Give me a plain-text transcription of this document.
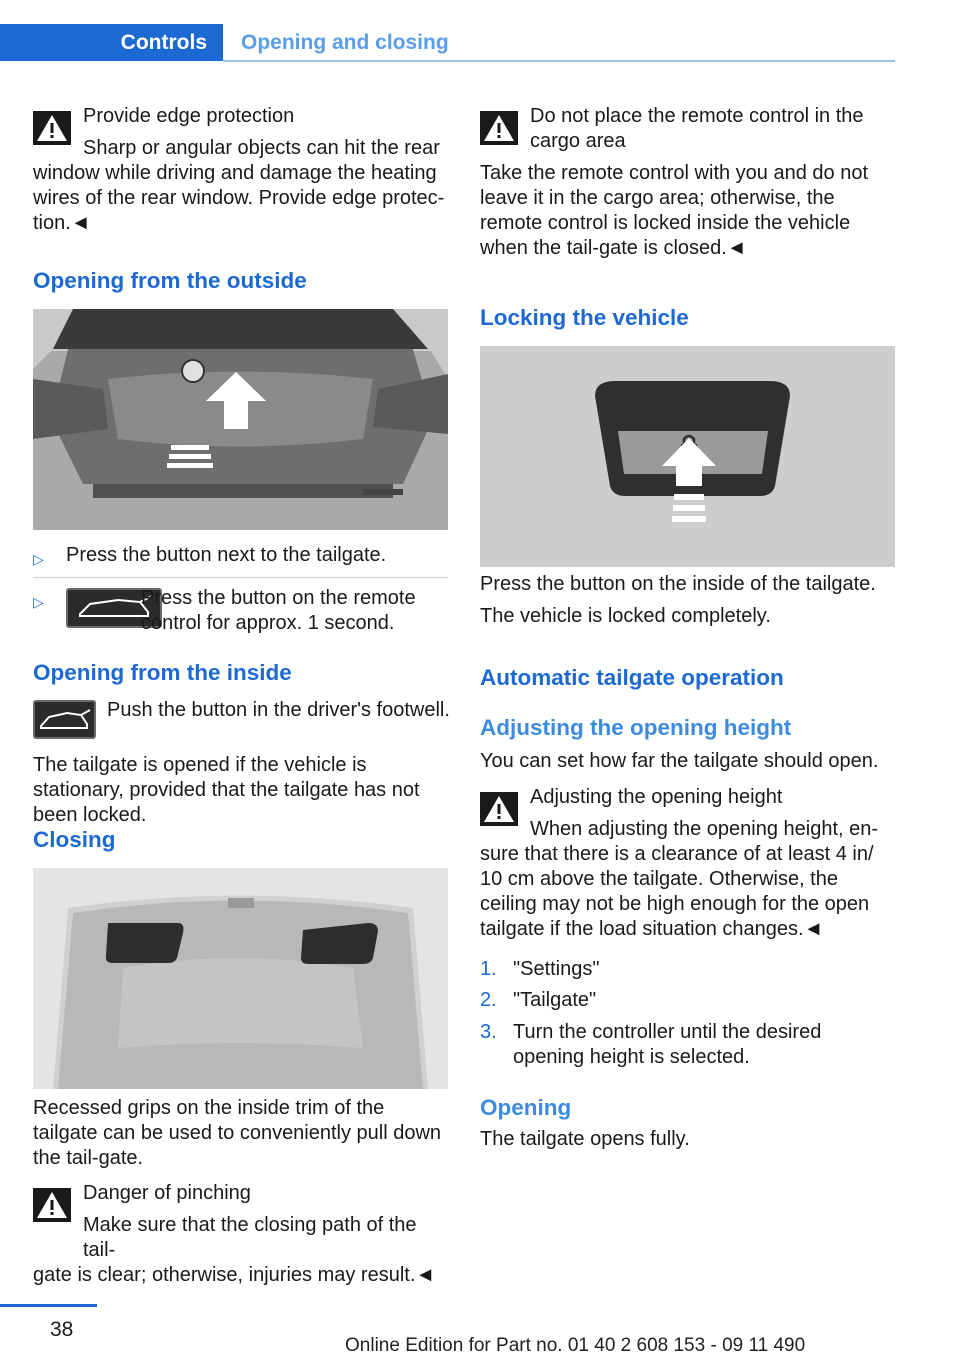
Controls Opening and closing

Provide edge protection

Sharp or angular objects can hit the rear

window while driving and damage the heating wires of the rear window. Provide edge protec‐tion.◄

Opening from the outside
▷ Press the button next to the tailgate.
▷	Press the button on the remote control for approx. 1 second.
Opening from the inside
Push the button in the driver's footwell.
The tailgate is opened if the vehicle is stationary, provided that the tailgate has not been locked.
Closing
Recessed grips on the inside trim of the tailgate can be used to conveniently pull down the tail‐gate.

Danger of pinching

Make sure that the closing path of the tail‐

gate is clear; otherwise, injuries may result.◄

Do not place the remote control in the cargo area

Take the remote control with you and do not leave it in the cargo area; otherwise, the remote control is locked inside the vehicle when the tail‐gate is closed.◄

Locking the vehicle
Press the button on the inside of the tailgate.
The vehicle is locked completely.
Automatic tailgate operation
Adjusting the opening height
You can set how far the tailgate should open.

Adjusting the opening height

When adjusting the opening height, en‐

sure that there is a clearance of at least 4 in/ 10 cm above the tailgate. Otherwise, the ceiling may not be high enough for the open tailgate if the load situation changes.◄

1. "Settings"
2. "Tailgate"
3. Turn the controller until the desired opening height is selected.
Opening
The tailgate opens fully.
38
Online Edition for Part no. 01 40 2 608 153 - 09 11 490
